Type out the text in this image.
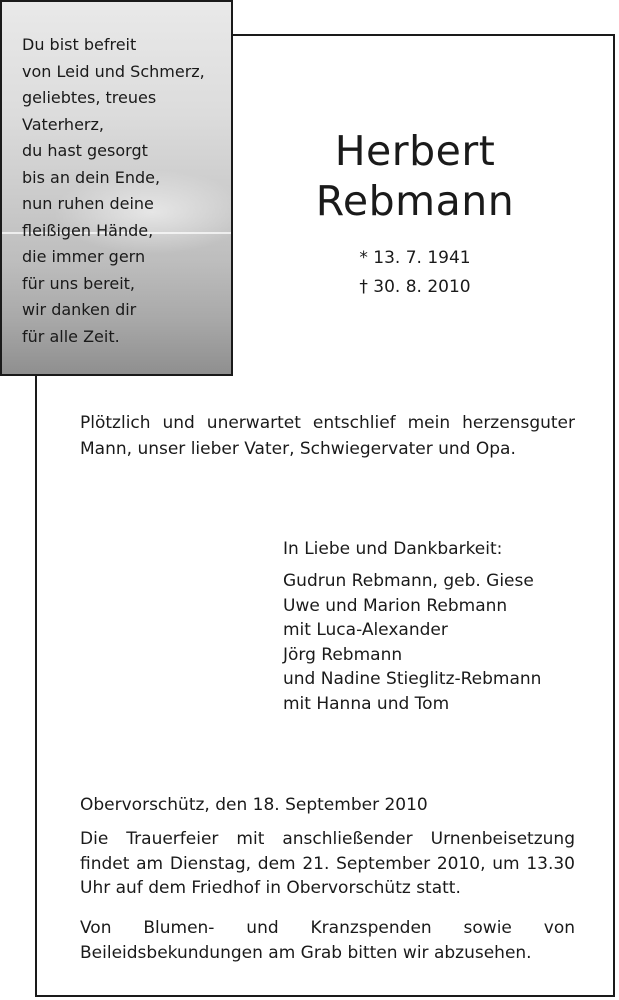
Du bist befreit
von Leid und Schmerz,
geliebtes, treues
Vaterherz,
du hast gesorgt
bis an dein Ende,
nun ruhen deine
fleißigen Hände,
die immer gern
für uns bereit,
wir danken dir
für alle Zeit.
Herbert
Rebmann
* 13. 7. 1941
† 30. 8. 2010
Plötzlich und unerwartet entschlief mein herzensguter Mann, unser lieber Vater, Schwiegervater und Opa.
In Liebe und Dankbarkeit:
Gudrun Rebmann, geb. Giese
Uwe und Marion Rebmann
mit Luca-Alexander
Jörg Rebmann
und Nadine Stieglitz-Rebmann
mit Hanna und Tom
Obervorschütz, den 18. September 2010
Die Trauerfeier mit anschließender Urnenbeisetzung findet am Dienstag, dem 21. September 2010, um 13.30 Uhr auf dem Friedhof in Obervorschütz statt.
Von Blumen- und Kranzspenden sowie von Beileidsbekundungen am Grab bitten wir abzusehen.
